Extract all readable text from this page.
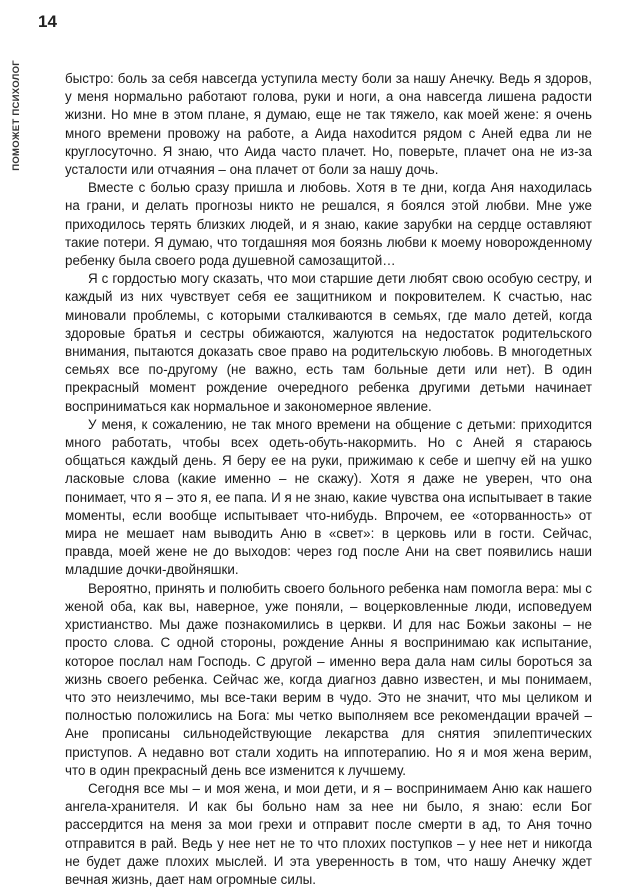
14
ПОМОЖЕТ ПСИХОЛОГ	быстро: боль за себя навсегда уступила месту боли за нашу Анечку. Ведь я здоров, у меня нормально работают голова, руки и ноги, а она навсегда лишена радости жизни. Но мне в этом плане, я думаю, еще не так тяжело, как моей жене: я очень много времени провожу на работе, а Аида нахоdится рядом с Аней едва ли не круглосуточно. Я знаю, что Аида часто плачет. Но, поверьте, плачет она не из-за усталости или отчаяния – она плачет от боли за нашу дочь.

Вместе с болью сразу пришла и любовь. Хотя в те дни, когда Аня находилась на грани, и делать прогнозы никто не решался, я боялся этой любви. Мне уже приходилось терять близких людей, и я знаю, какие зарубки на сердце оставляют такие потери. Я думаю, что тогдашняя моя боязнь любви к моему новорожденному ребенку была своего рода душевной самозащитой…

Я с гордостью могу сказать, что мои старшие дети любят свою особую сестру, и каждый из них чувствует себя ее защитником и покровителем. К счастью, нас миновали проблемы, с которыми сталкиваются в семьях, где мало детей, когда здоровые братья и сестры обижаются, жалуются на недостаток родительского внимания, пытаются доказать свое право на родительскую любовь. В многодетных семьях все по-другому (не важно, есть там больные дети или нет). В один прекрасный момент рождение очередного ребенка другими детьми начинает восприниматься как нормальное и закономерное явление.

У меня, к сожалению, не так много времени на общение с детьми: приходится много работать, чтобы всех одеть-обуть-накормить. Но с Аней я стараюсь общаться каждый день. Я беру ее на руки, прижимаю к себе и шепчу ей на ушко ласковые слова (какие именно – не скажу). Хотя я даже не уверен, что она понимает, что я – это я, ее папа. И я не знаю, какие чувства она испытывает в такие моменты, если вообще испытывает что-нибудь. Впрочем, ее «оторванность» от мира не мешает нам выводить Аню в «свет»: в церковь или в гости. Сейчас, правда, моей жене не до выходов: через год после Ани на свет появились наши младшие дочки-двойняшки.

Вероятно, принять и полюбить своего больного ребенка нам помогла вера: мы с женой оба, как вы, наверное, уже поняли, – воцерковленные люди, исповедуем христианство. Мы даже познакомились в церкви. И для нас Божьи законы – не просто слова. С одной стороны, рождение Анны я воспринимаю как испытание, которое послал нам Господь. С другой – именно вера дала нам силы бороться за жизнь своего ребенка. Сейчас же, когда диагноз давно известен, и мы понимаем, что это неизлечимо, мы все-таки верим в чудо. Это не значит, что мы целиком и полностью положились на Бога: мы четко выполняем все рекомендации врачей – Ане прописаны сильнодействующие лекарства для снятия эпилептических приступов. А недавно вот стали ходить на иппотерапию. Но я и моя жена верим, что в один прекрасный день все изменится к лучшему.

Сегодня все мы – и моя жена, и мои дети, и я – воспринимаем Аню как нашего ангела-хранителя. И как бы больно нам за нее ни было, я знаю: если Бог рассердится на меня за мои грехи и отправит после смерти в ад, то Аня точно отправится в рай. Ведь у нее нет не то что плохих поступков – у нее нет и никогда не будет даже плохих мыслей. И эта уверенность в том, что нашу Анечку ждет вечная жизнь, дает нам огромные силы.
